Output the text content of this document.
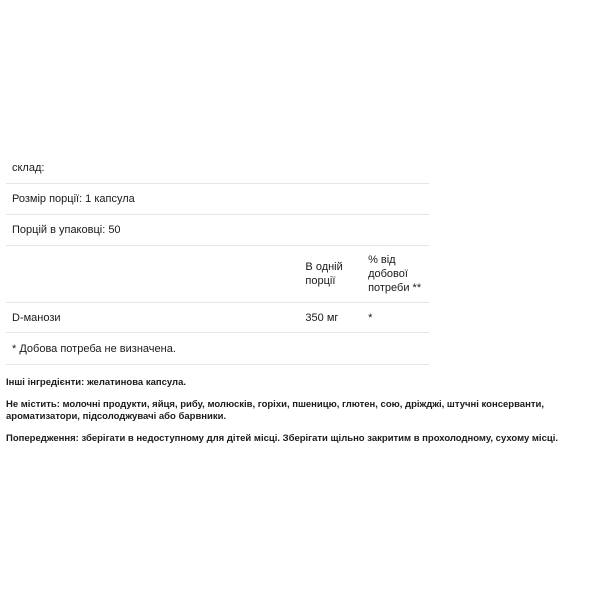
склад:		
Розмір порції: 1 капсула		
Порцій в упаковці: 50		

	В одній порції	% від добової потреби **

D-манози	350 мг	*
* Добова потреба не визначена.		

Інші інгредієнти: желатинова капсула.

Не містить: молочні продукти, яйця, рибу, молюсків, горіхи, пшеницю, глютен, сою, дріжджі, штучні консерванти, ароматизатори, підсолоджувачі або барвники.

Попередження: зберігати в недоступному для дітей місці. Зберігати щільно закритим в прохолодному, сухому місці.
